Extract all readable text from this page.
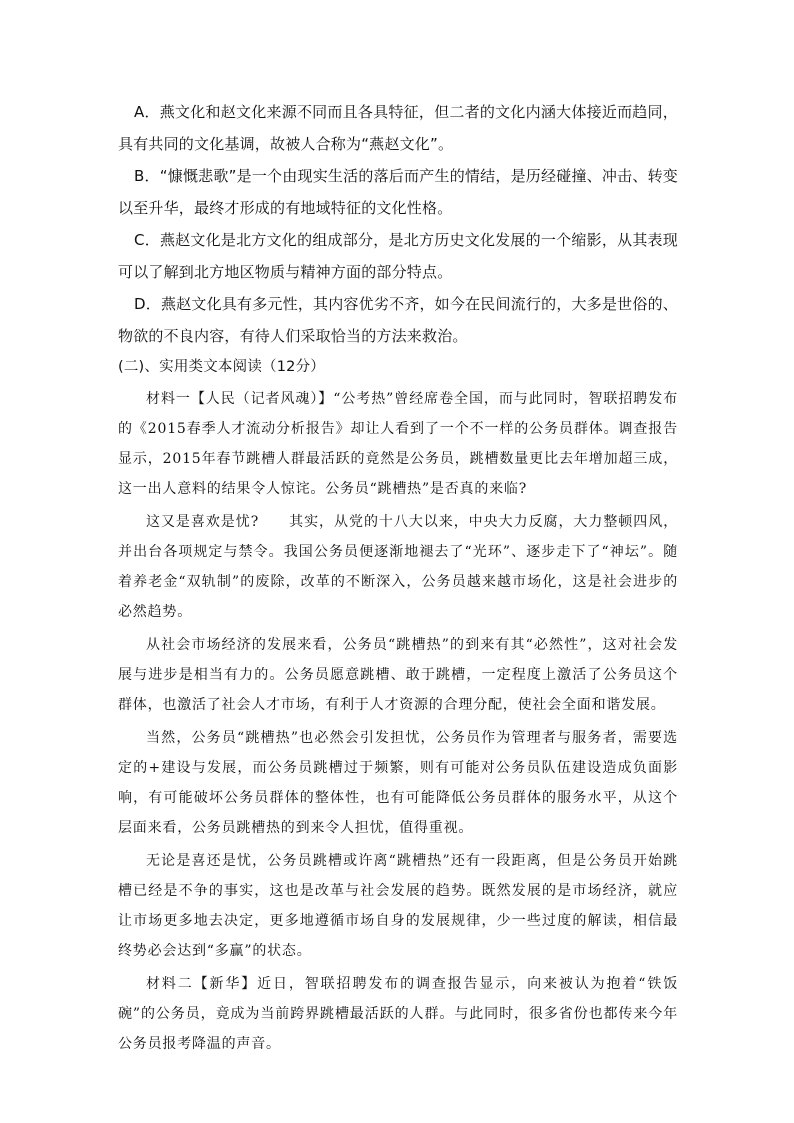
A．燕文化和赵文化来源不同而且各具特征，但二者的文化内涵大体接近而趋同，具有共同的文化基调，故被人合称为“燕赵文化”。

B．“慷慨悲歌”是一个由现实生活的落后而产生的情结，是历经碰撞、冲击、转变以至升华，最终才形成的有地域特征的文化性格。

C．燕赵文化是北方文化的组成部分，是北方历史文化发展的一个缩影，从其表现可以了解到北方地区物质与精神方面的部分特点。

D．燕赵文化具有多元性，其内容优劣不齐，如今在民间流行的，大多是世俗的、物欲的不良内容，有待人们采取恰当的方法来救治。

(二)、实用类文本阅读（12分）

材料一【人民（记者风魂）】“公考热”曾经席卷全国，而与此同时，智联招聘发布的《2015春季人才流动分析报告》却让人看到了一个不一样的公务员群体。调查报告显示，2015年春节跳槽人群最活跃的竟然是公务员，跳槽数量更比去年增加超三成，这一出人意料的结果令人惊诧。公务员“跳槽热”是否真的来临?

这又是喜欢是忧?　　其实，从党的十八大以来，中央大力反腐，大力整顿四风，并出台各项规定与禁令。我国公务员便逐渐地褪去了“光环”、逐步走下了“神坛”。随着养老金“双轨制”的废除，改革的不断深入，公务员越来越市场化，这是社会进步的必然趋势。

从社会市场经济的发展来看，公务员“跳槽热”的到来有其“必然性”，这对社会发展与进步是相当有力的。公务员愿意跳槽、敢于跳槽，一定程度上激活了公务员这个群体，也激活了社会人才市场，有利于人才资源的合理分配，使社会全面和谐发展。

当然，公务员“跳槽热”也必然会引发担忧，公务员作为管理者与服务者，需要选定的+建设与发展，而公务员跳槽过于频繁，则有可能对公务员队伍建设造成负面影响，有可能破坏公务员群体的整体性，也有可能降低公务员群体的服务水平，从这个层面来看，公务员跳槽热的到来令人担忧，值得重视。

无论是喜还是忧，公务员跳槽或许离“跳槽热”还有一段距离，但是公务员开始跳槽已经是不争的事实，这也是改革与社会发展的趋势。既然发展的是市场经济，就应让市场更多地去决定，更多地遵循市场自身的发展规律，少一些过度的解读，相信最终势必会达到“多赢”的状态。

材料二【新华】近日，智联招聘发布的调查报告显示，向来被认为抱着“铁饭碗”的公务员，竟成为当前跨界跳槽最活跃的人群。与此同时，很多省份也都传来今年公务员报考降温的声音。
